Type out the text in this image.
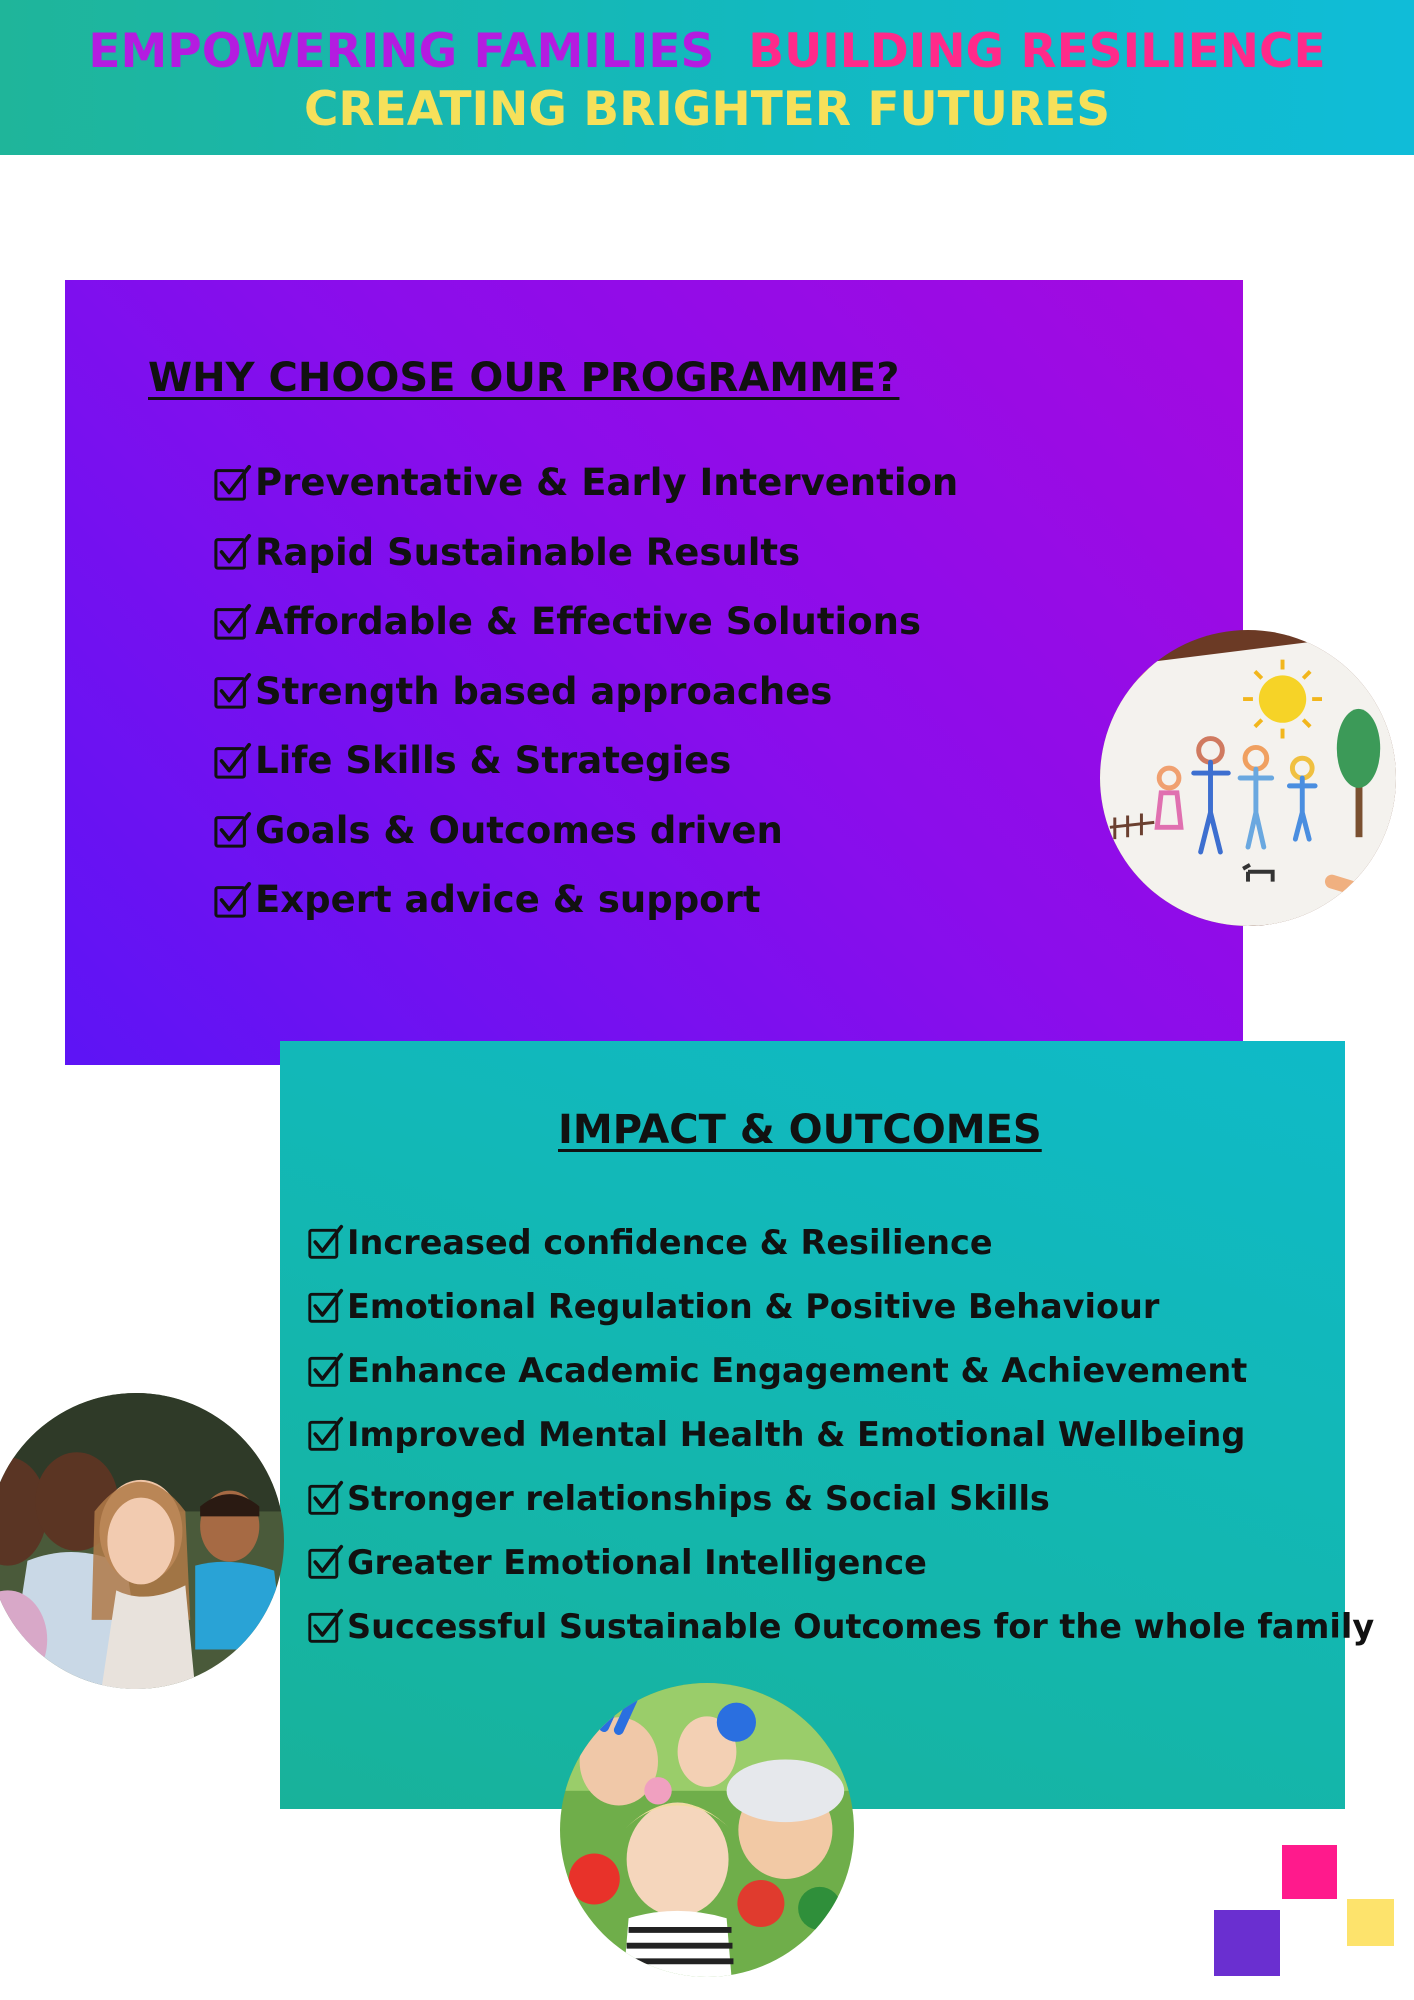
EMPOWERING FAMILIES BUILDING RESILIENCE
CREATING BRIGHTER FUTURES
WHY CHOOSE OUR PROGRAMME?
Preventative & Early Intervention
Rapid Sustainable Results
Affordable & Effective Solutions
Strength based approaches
Life Skills & Strategies
Goals & Outcomes driven
Expert advice & support
IMPACT & OUTCOMES
Increased confidence & Resilience
Emotional Regulation & Positive Behaviour
Enhance Academic Engagement & Achievement
Improved Mental Health & Emotional Wellbeing
Stronger relationships & Social Skills
Greater Emotional Intelligence
Successful Sustainable Outcomes for the whole family
